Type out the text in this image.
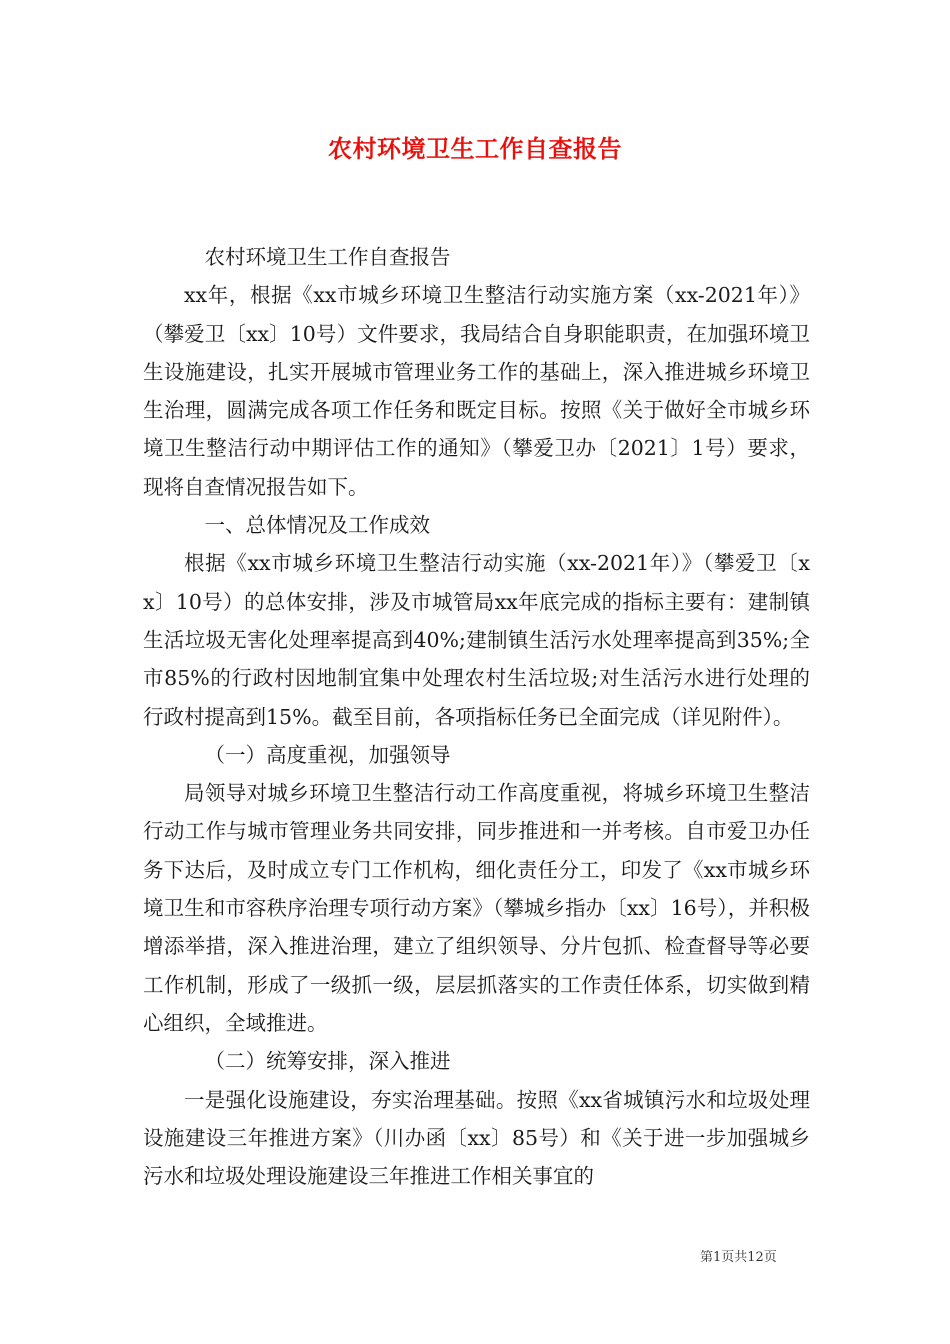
农村环境卫生工作自查报告

农村环境卫生工作自查报告

xx年，根据《xx市城乡环境卫生整洁行动实施方案（xx-2021年）》（攀爱卫〔xx〕10号）文件要求，我局结合自身职能职责，在加强环境卫生设施建设，扎实开展城市管理业务工作的基础上，深入推进城乡环境卫生治理，圆满完成各项工作任务和既定目标。按照《关于做好全市城乡环境卫生整洁行动中期评估工作的通知》（攀爱卫办〔2021〕1号）要求，现将自查情况报告如下。

一、总体情况及工作成效

根据《xx市城乡环境卫生整洁行动实施（xx-2021年）》（攀爱卫〔xx〕10号）的总体安排，涉及市城管局xx年底完成的指标主要有：建制镇生活垃圾无害化处理率提高到40%;建制镇生活污水处理率提高到35%;全市85%的行政村因地制宜集中处理农村生活垃圾;对生活污水进行处理的行政村提高到15%。截至目前，各项指标任务已全面完成（详见附件）。

（一）高度重视，加强领导

局领导对城乡环境卫生整洁行动工作高度重视，将城乡环境卫生整洁行动工作与城市管理业务共同安排，同步推进和一并考核。自市爱卫办任务下达后，及时成立专门工作机构，细化责任分工，印发了《xx市城乡环境卫生和市容秩序治理专项行动方案》（攀城乡指办〔xx〕16号），并积极增添举措，深入推进治理，建立了组织领导、分片包抓、检查督导等必要工作机制，形成了一级抓一级，层层抓落实的工作责任体系，切实做到精心组织，全域推进。

（二）统筹安排，深入推进

一是强化设施建设，夯实治理基础。按照《xx省城镇污水和垃圾处理设施建设三年推进方案》（川办函〔xx〕85号）和《关于进一步加强城乡污水和垃圾处理设施建设三年推进工作相关事宜的

第1页共12页
